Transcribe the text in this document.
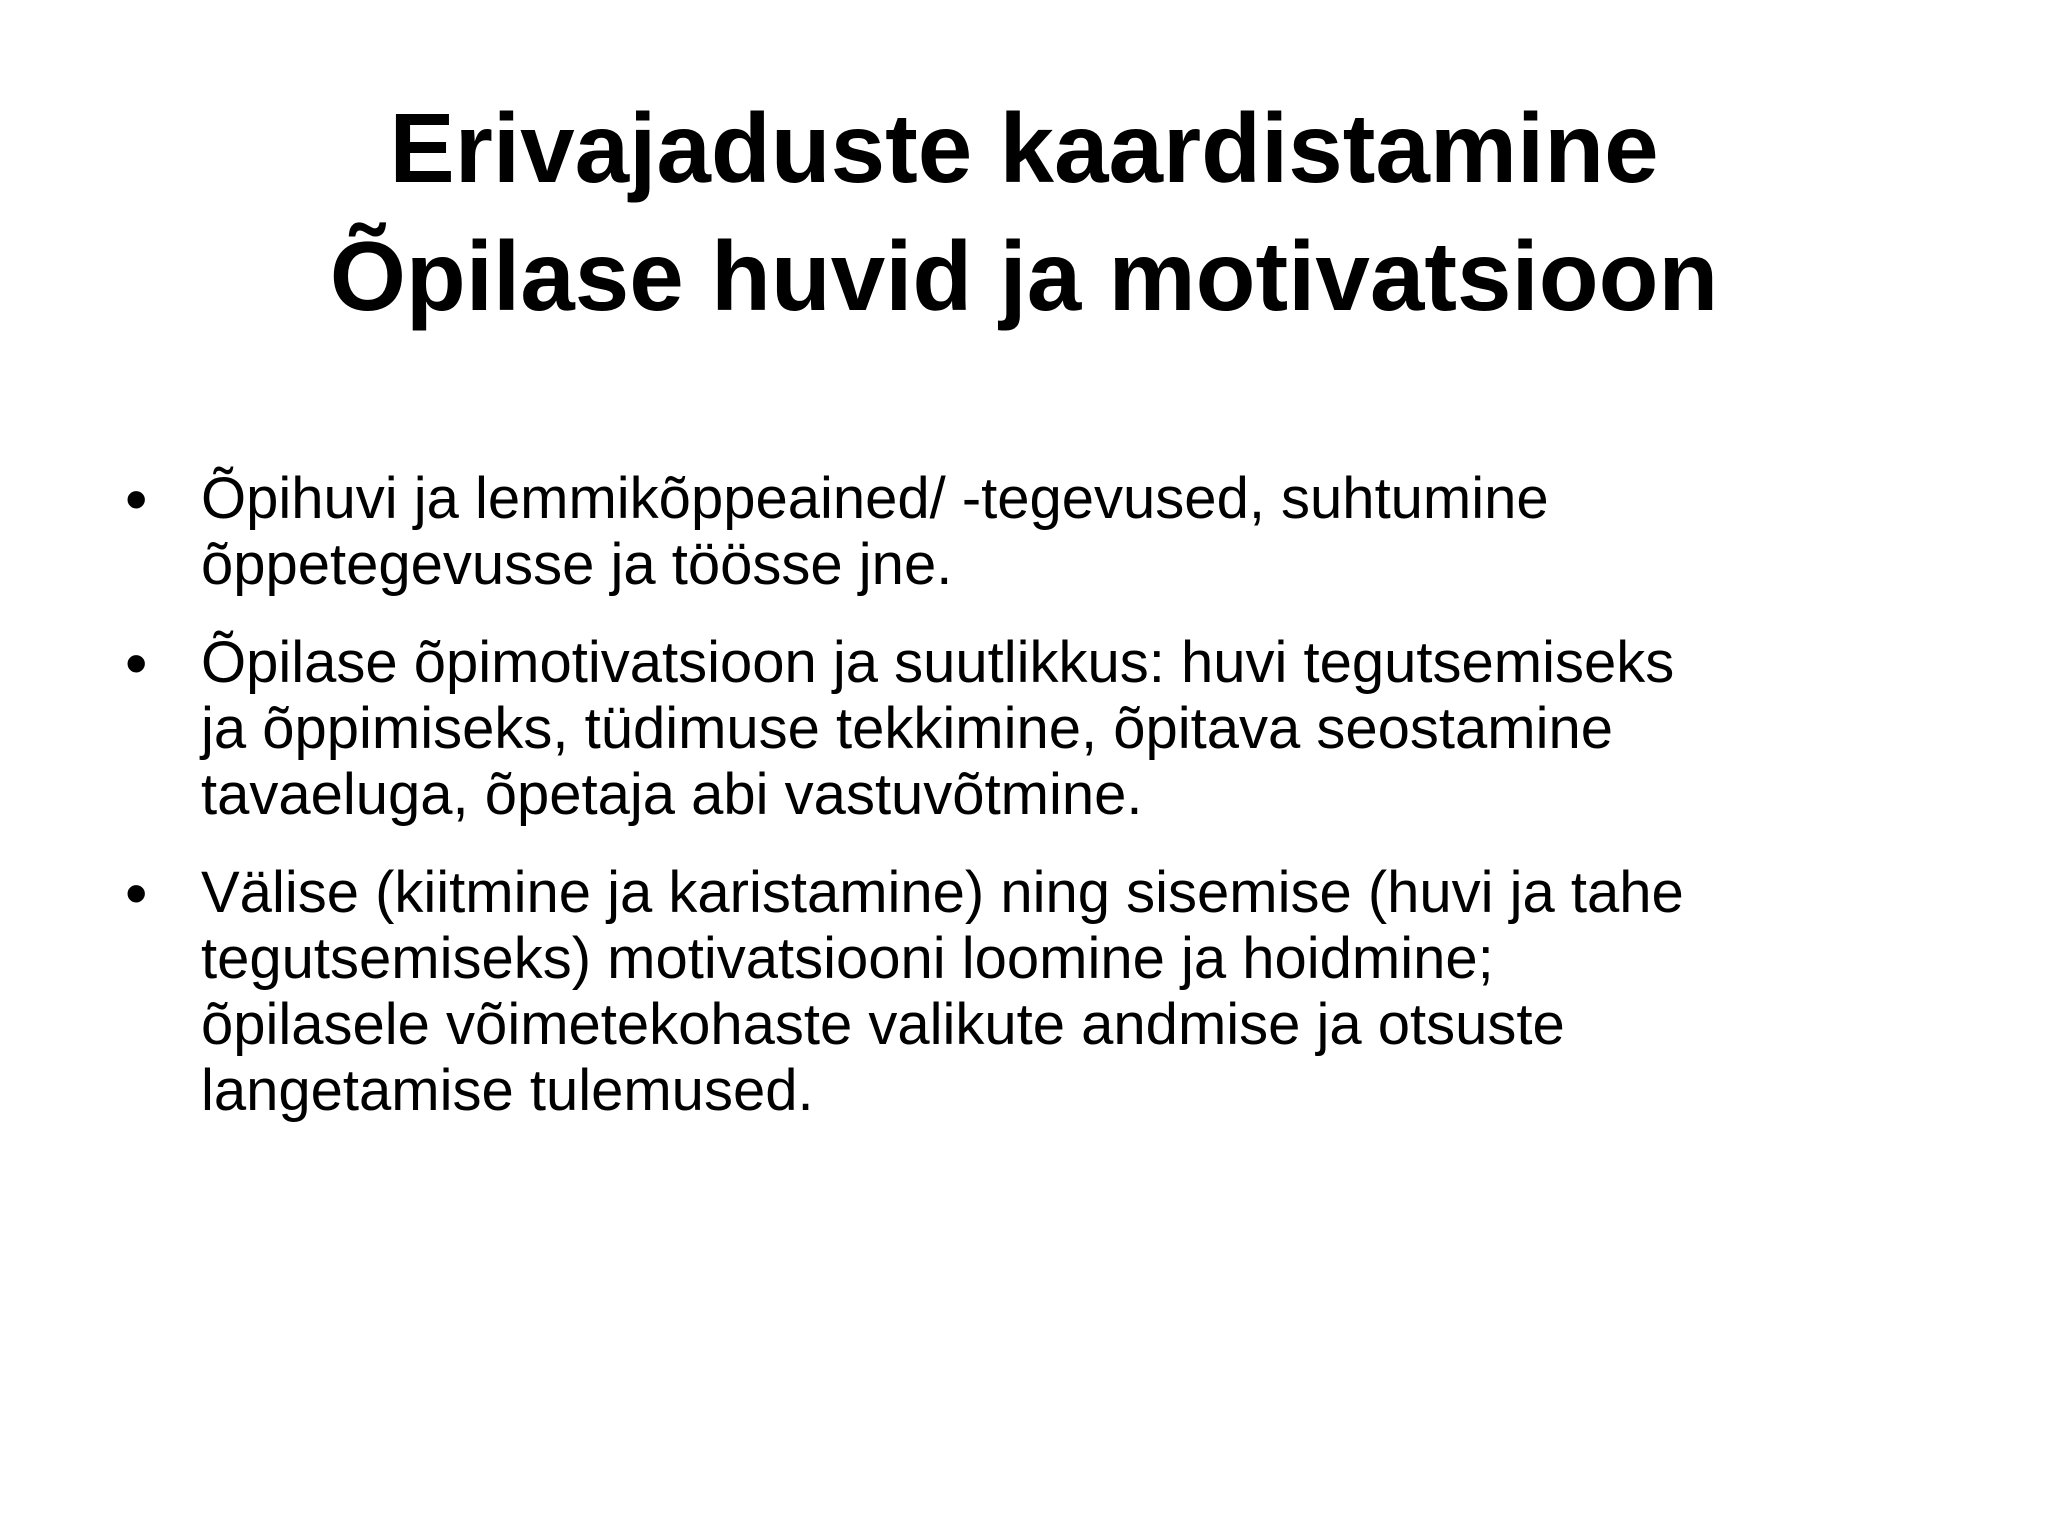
Erivajaduste kaardistamine
Õpilase huvid ja motivatsioon
• Õpihuvi ja lemmikõppeained/ -tegevused, suhtumine
õppetegevusse ja töösse jne.
• Õpilase õpimotivatsioon ja suutlikkus: huvi tegutsemiseks
ja õppimiseks, tüdimuse tekkimine, õpitava seostamine
tavaeluga, õpetaja abi vastuvõtmine.
• Välise (kiitmine ja karistamine) ning sisemise (huvi ja tahe
tegutsemiseks) motivatsiooni loomine ja hoidmine;
õpilasele võimetekohaste valikute andmise ja otsuste
langetamise tulemused.
